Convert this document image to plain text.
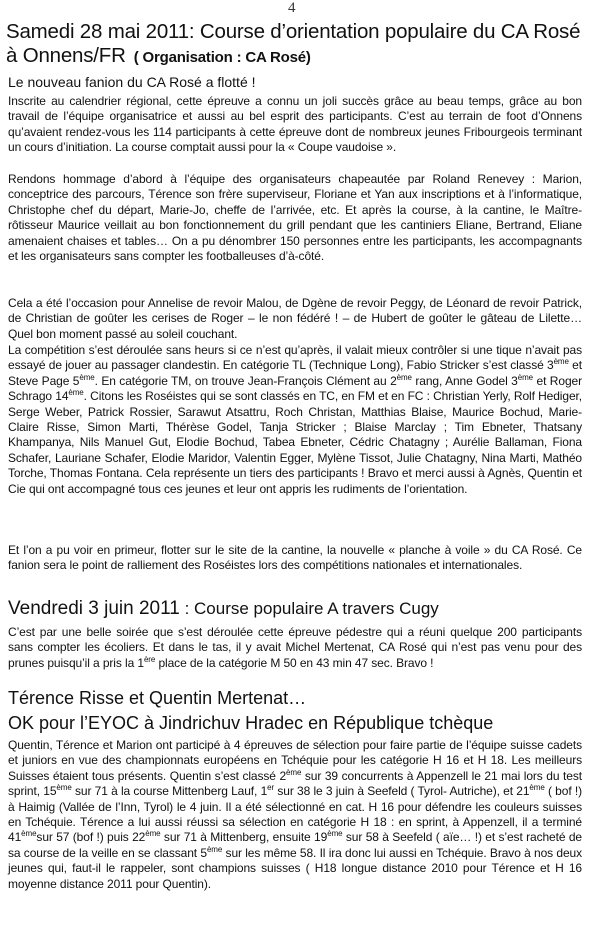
4
Samedi 28 mai 2011: Course d’orientation populaire du CA Rosé à Onnens/FR ( Organisation : CA Rosé)

Le nouveau fanion du CA Rosé a flotté !

Inscrite au calendrier régional, cette épreuve a connu un joli succès grâce au beau temps, grâce au bon travail de l’équipe organisatrice et aussi au bel esprit des participants. C’est au terrain de foot d’Onnens qu’avaient rendez-vous les 114 participants à cette épreuve dont de nombreux jeunes Fribourgeois terminant un cours d’initiation. La course comptait aussi pour la « Coupe vaudoise ».

Rendons hommage d’abord à l’équipe des organisateurs chapeautée par Roland Renevey : Marion, conceptrice des parcours, Térence son frère superviseur, Floriane et Yan aux inscriptions et à l’informatique, Christophe chef du départ, Marie-Jo, cheffe de l’arrivée, etc. Et après la course, à la cantine, le Maître-rôtisseur Maurice veillait au bon fonctionnement du grill pendant que les cantiniers Eliane, Bertrand, Eliane amenaient chaises et tables… On a pu dénombrer 150 personnes entre les participants, les accompagnants et les organisateurs sans compter les footballeuses d’à-côté.

Cela a été l’occasion pour Annelise de revoir Malou, de Dgène de revoir Peggy, de Léonard de revoir Patrick, de Christian de goûter les cerises de Roger – le non fédéré ! – de Hubert de goûter le gâteau de Lilette… Quel bon moment passé au soleil couchant.

La compétition s’est déroulée sans heurs si ce n’est qu’après, il valait mieux contrôler si une tique n’avait pas essayé de jouer au passager clandestin. En catégorie TL (Technique Long), Fabio Stricker s’est classé 3ème et Steve Page 5ème. En catégorie TM, on trouve Jean-François Clément au 2ème rang, Anne Godel 3ème et Roger Schrago 14ème. Citons les Roséistes qui se sont classés en TC, en FM et en FC : Christian Yerly, Rolf Hediger, Serge Weber, Patrick Rossier, Sarawut Atsattru, Roch Christan, Matthias Blaise, Maurice Bochud, Marie-Claire Risse, Simon Marti, Thérèse Godel, Tanja Stricker ; Blaise Marclay ; Tim Ebneter, Thatsany Khampanya, Nils Manuel Gut, Elodie Bochud, Tabea Ebneter, Cédric Chatagny ; Aurélie Ballaman, Fiona Schafer, Lauriane Schafer, Elodie Maridor, Valentin Egger, Mylène Tissot, Julie Chatagny, Nina Marti, Mathéo Torche, Thomas Fontana. Cela représente un tiers des participants ! Bravo et merci aussi à Agnès, Quentin et Cie qui ont accompagné tous ces jeunes et leur ont appris les rudiments de l’orientation.

Et l’on a pu voir en primeur, flotter sur le site de la cantine, la nouvelle « planche à voile » du CA Rosé. Ce fanion sera le point de ralliement des Roséistes lors des compétitions nationales et internationales.

Vendredi 3 juin 2011 : Course populaire A travers Cugy

C’est par une belle soirée que s’est déroulée cette épreuve pédestre qui a réuni quelque 200 participants sans compter les écoliers. Et dans le tas, il y avait Michel Mertenat, CA Rosé qui n’est pas venu pour des prunes puisqu’il a pris la 1ère place de la catégorie M 50 en 43 min 47 sec. Bravo !

Térence Risse et Quentin Mertenat…
OK pour l’EYOC à Jindrichuv Hradec en République tchèque

Quentin, Térence et Marion ont participé à 4 épreuves de sélection pour faire partie de l’équipe suisse cadets et juniors en vue des championnats européens en Tchéquie pour les catégorie H 16 et H 18. Les meilleurs Suisses étaient tous présents. Quentin s’est classé 2ème sur 39 concurrents à Appenzell le 21 mai lors du test sprint, 15ème sur 71 à la course Mittenberg Lauf, 1er sur 38 le 3 juin à Seefeld ( Tyrol- Autriche), et 21ème ( bof !) à Haimig (Vallée de l’Inn, Tyrol) le 4 juin. Il a été sélectionné en cat. H 16 pour défendre les couleurs suisses en Tchéquie. Térence a lui aussi réussi sa sélection en catégorie H 18 : en sprint, à Appenzell, il a terminé 41èmesur 57 (bof !) puis 22ème sur 71 à Mittenberg, ensuite 19ème sur 58 à Seefeld ( aïe… !) et s’est racheté de sa course de la veille en se classant 5ème sur les même 58. Il ira donc lui aussi en Tchéquie. Bravo à nos deux jeunes qui, faut-il le rappeler, sont champions suisses ( H18 longue distance 2010 pour Térence et H 16 moyenne distance 2011 pour Quentin).
